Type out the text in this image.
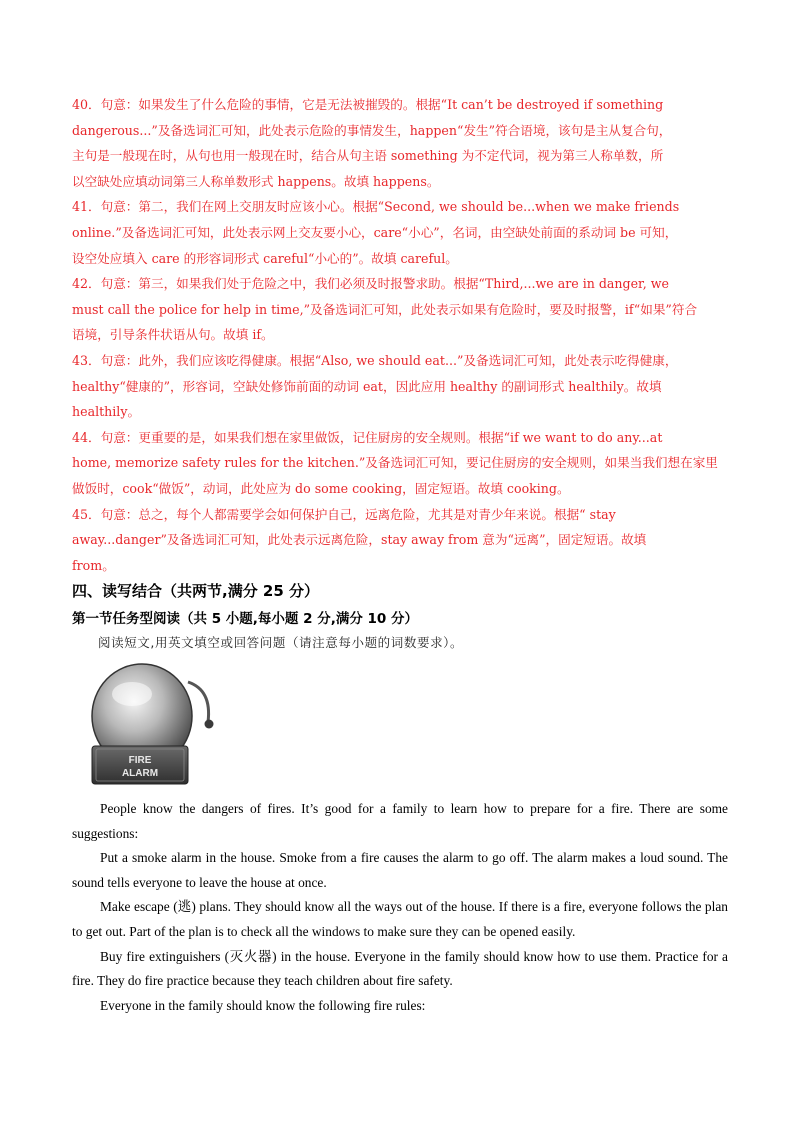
40．句意：如果发生了什么危险的事情，它是无法被摧毁的。根据“It can’t be destroyed if something

dangerous...”及备选词汇可知，此处表示危险的事情发生，happen“发生”符合语境，该句是主从复合句，

主句是一般现在时，从句也用一般现在时，结合从句主语 something 为不定代词，视为第三人称单数，所

以空缺处应填动词第三人称单数形式 happens。故填 happens。

41．句意：第二，我们在网上交朋友时应该小心。根据“Second, we should be...when we make friends

online.”及备选词汇可知，此处表示网上交友要小心，care“小心”，名词，由空缺处前面的系动词 be 可知，

设空处应填入 care 的形容词形式 careful“小心的”。故填 careful。

42．句意：第三，如果我们处于危险之中，我们必须及时报警求助。根据“Third,...we are in danger, we

must call the police for help in time,”及备选词汇可知，此处表示如果有危险时，要及时报警，if“如果”符合

语境，引导条件状语从句。故填 if。

43．句意：此外，我们应该吃得健康。根据“Also, we should eat...”及备选词汇可知，此处表示吃得健康，

healthy“健康的”，形容词，空缺处修饰前面的动词 eat，因此应用 healthy 的副词形式 healthily。故填

healthily。

44．句意：更重要的是，如果我们想在家里做饭，记住厨房的安全规则。根据“if we want to do any...at

home, memorize safety rules for the kitchen.”及备选词汇可知，要记住厨房的安全规则，如果当我们想在家里

做饭时，cook“做饭”，动词，此处应为 do some cooking，固定短语。故填 cooking。

45．句意：总之，每个人都需要学会如何保护自己，远离危险，尤其是对青少年来说。根据“ stay

away...danger”及备选词汇可知，此处表示远离危险，stay away from 意为“远离”，固定短语。故填

from。

四、读写结合（共两节,满分 25 分）
第一节任务型阅读（共 5 小题,每小题 2 分,满分 10 分）
阅读短文,用英文填空或回答问题（请注意每小题的词数要求）。
FIRE
ALARM

People know the dangers of fires. It’s good for a family to learn how to prepare for a fire. There are some suggestions:

Put a smoke alarm in the house. Smoke from a fire causes the alarm to go off. The alarm makes a loud sound. The sound tells everyone to leave the house at once.

Make escape (逃) plans. They should know all the ways out of the house. If there is a fire, everyone follows the plan to get out. Part of the plan is to check all the windows to make sure they can be opened easily.

Buy fire extinguishers (灭火器) in the house. Everyone in the family should know how to use them. Practice for a fire. They do fire practice because they teach children about fire safety.

Everyone in the family should know the following fire rules:
